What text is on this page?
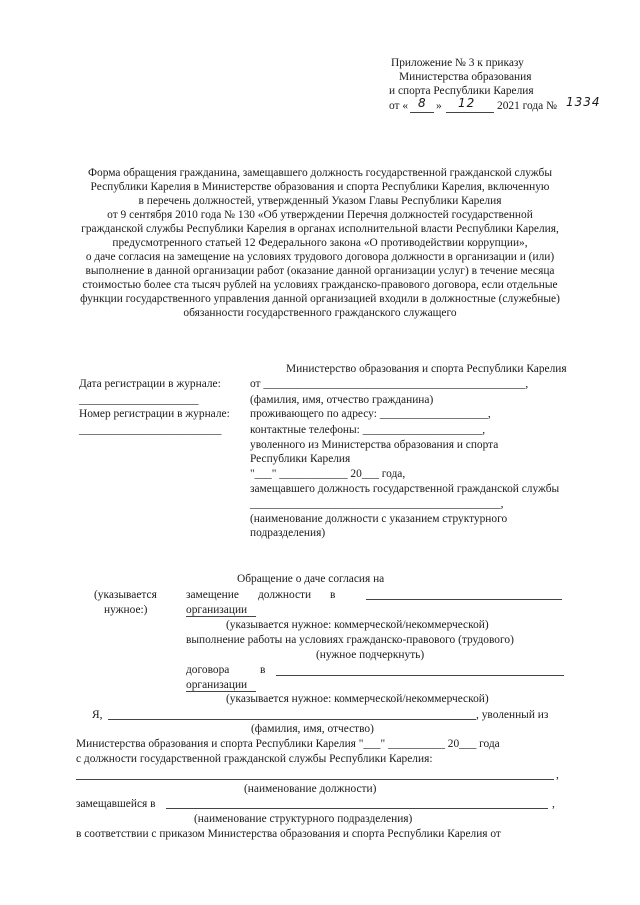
Приложение № 3 к приказу
Министерства образования
и спорта Республики Карелия
от « 8 » 12 2021 года № 1334
Форма обращения гражданина, замещавшего должность государственной гражданской службы
Республики Карелия в Министерстве образования и спорта Республики Карелия, включенную
в перечень должностей, утвержденный Указом Главы Республики Карелия
от 9 сентября 2010 года № 130 «Об утверждении Перечня должностей государственной
гражданской службы Республики Карелия в органах исполнительной власти Республики Карелия,
предусмотренного статьей 12 Федерального закона «О противодействии коррупции»,
о даче согласия на замещение на условиях трудового договора должности в организации и (или)
выполнение в данной организации работ (оказание данной организации услуг) в течение месяца
стоимостью более ста тысяч рублей на условиях гражданско-правового договора, если отдельные
функции государственного управления данной организацией входили в должностные (служебные)
обязанности государственного гражданского служащего
Министерство образования и спорта Республики Карелия
Дата регистрации в журнале:	от ______________________________________________,
_____________________	(фамилия, имя, отчество гражданина)
Номер регистрации в журнале: проживающего по адресу: ___________________,
_________________________	контактные телефоны: _____________________,
уволенного из Министерства образования и спорта
Республики Карелия
"___" ____________ 20___ года,
замещавшего должность государственной гражданской службы
____________________________________________,
(наименование должности с указанием структурного
подразделения)
Обращение о даче согласия на
(указывается
нужное:)
замещение должности в
организации
(указывается нужное: коммерческой/некоммерческой)
выполнение работы на условиях гражданско-правового (трудового)
(нужное подчеркнуть)
договора	в
организации
(указывается нужное: коммерческой/некоммерческой)
Я,	, уволенный из
(фамилия, имя, отчество)
Министерства образования и спорта Республики Карелия "___" __________ 20___ года
с должности государственной гражданской службы Республики Карелия:
,
(наименование должности)
замещавшейся в	,
(наименование структурного подразделения)
в соответствии с приказом Министерства образования и спорта Республики Карелия от
